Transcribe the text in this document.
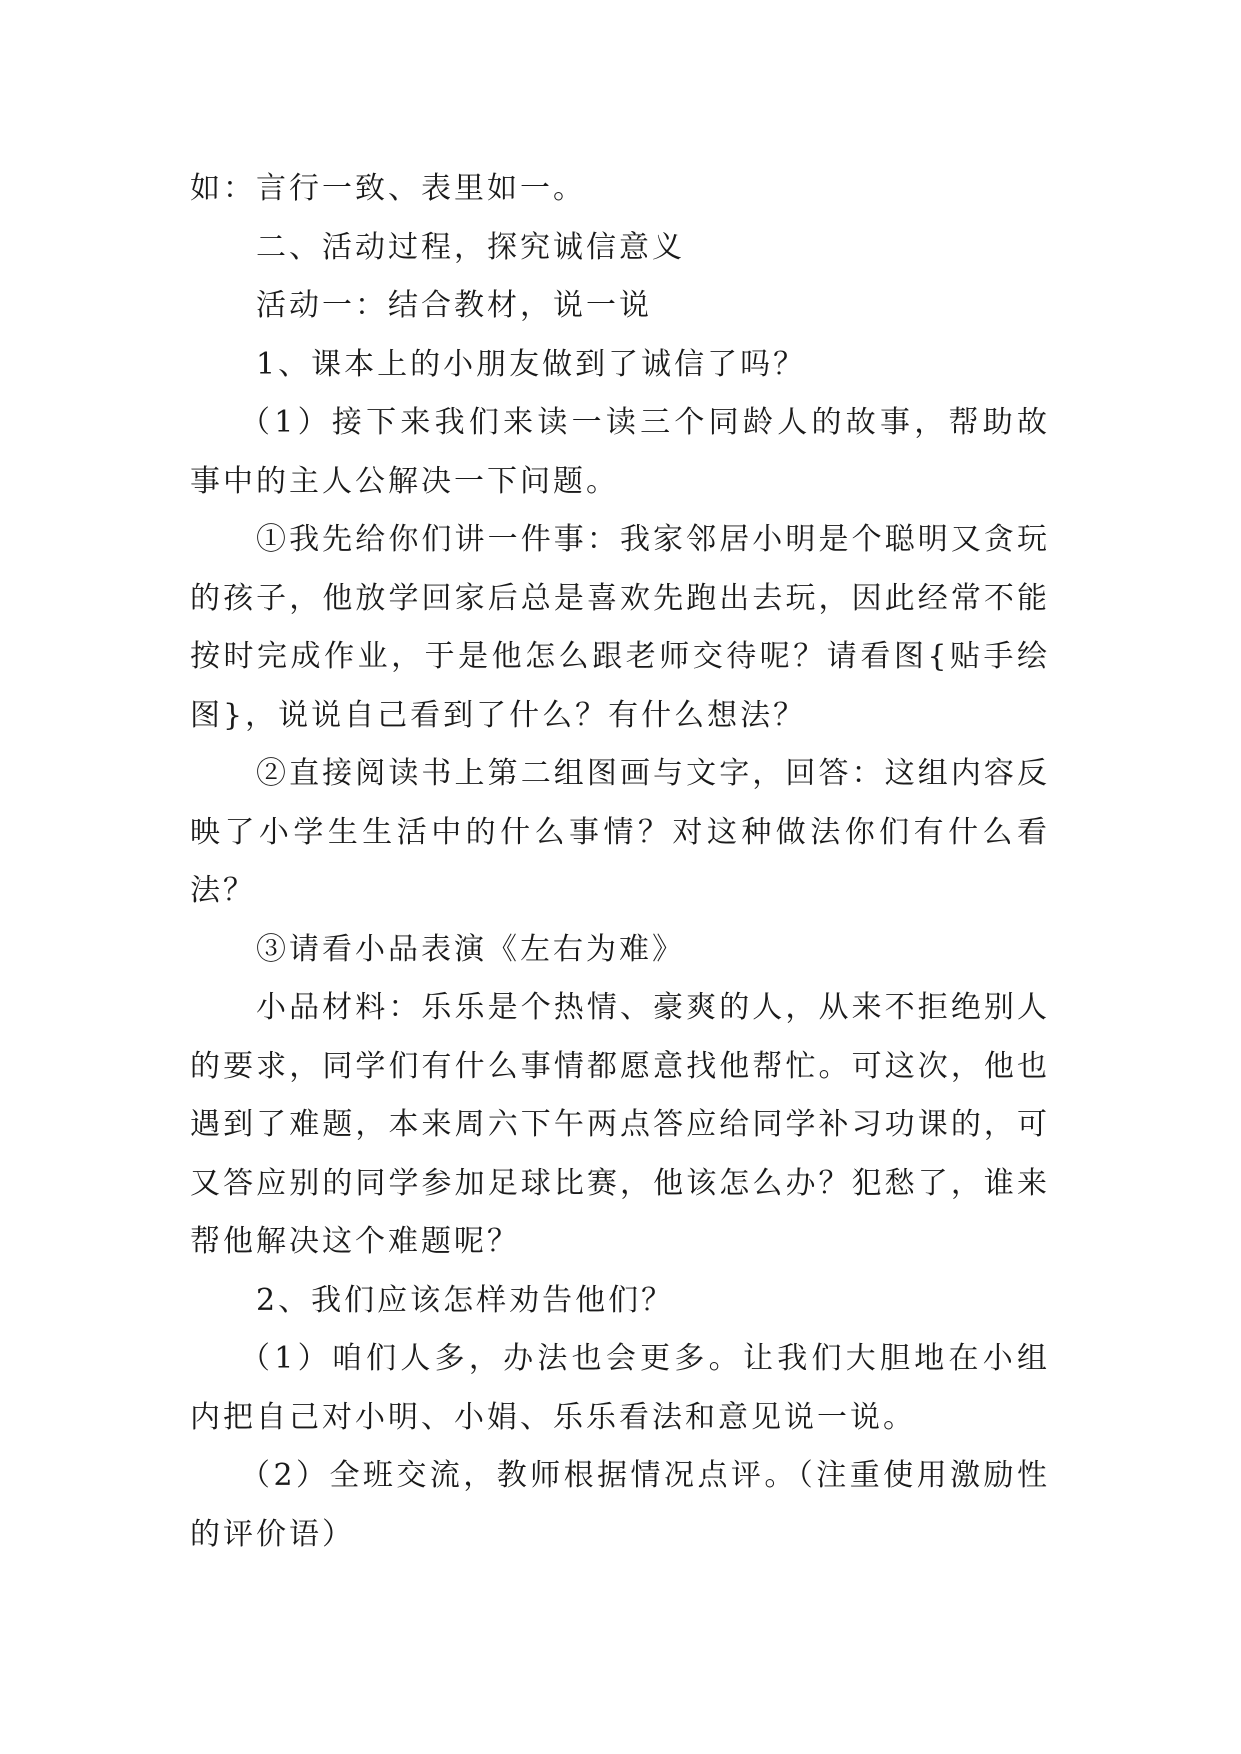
如：言行一致、表里如一。

二、活动过程，探究诚信意义

活动一：结合教材，说一说

1、课本上的小朋友做到了诚信了吗？

（1）接下来我们来读一读三个同龄人的故事，帮助故事中的主人公解决一下问题。

①我先给你们讲一件事：我家邻居小明是个聪明又贪玩的孩子，他放学回家后总是喜欢先跑出去玩，因此经常不能按时完成作业，于是他怎么跟老师交待呢？请看图{贴手绘图}，说说自己看到了什么？有什么想法？

②直接阅读书上第二组图画与文字，回答：这组内容反映了小学生生活中的什么事情？对这种做法你们有什么看法？

③请看小品表演《左右为难》

小品材料：乐乐是个热情、豪爽的人，从来不拒绝别人的要求，同学们有什么事情都愿意找他帮忙。可这次，他也遇到了难题，本来周六下午两点答应给同学补习功课的，可又答应别的同学参加足球比赛，他该怎么办？犯愁了，谁来帮他解决这个难题呢？

2、我们应该怎样劝告他们？

（1）咱们人多，办法也会更多。让我们大胆地在小组内把自己对小明、小娟、乐乐看法和意见说一说。

（2）全班交流，教师根据情况点评。（注重使用激励性的评价语）
